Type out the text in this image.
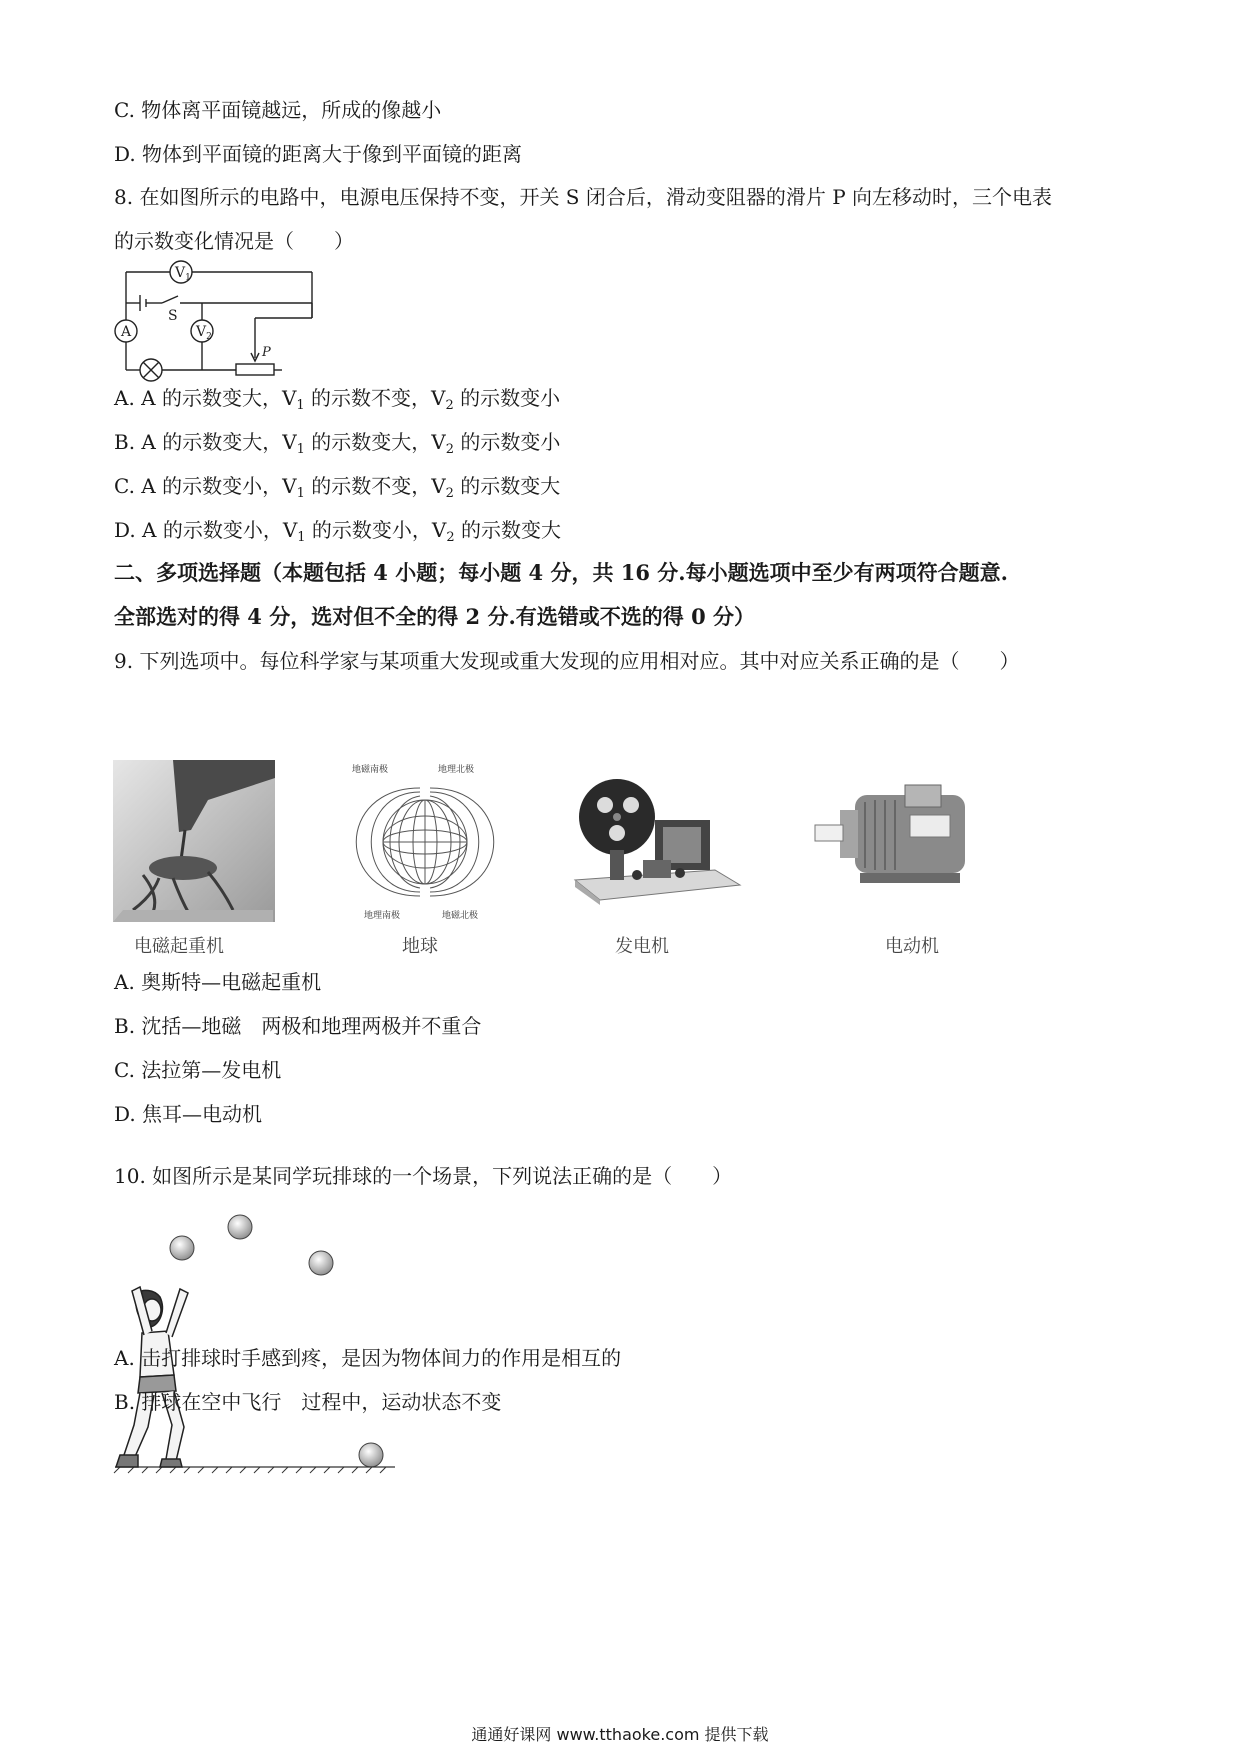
C. 物体离平面镜越远，所成的像越小
D. 物体到平面镜的距离大于像到平面镜的距离
8. 在如图所示的电路中，电源电压保持不变，开关 S 闭合后，滑动变阻器的滑片 P 向左移动时，三个电表
的示数变化情况是（　　）
$V_1$
A	$V_2$
S
P
A. A 的示数变大，$V_1$ 的示数不变，$V_2$ 的示数变小
B. A 的示数变大，$V_1$ 的示数变大，$V_2$ 的示数变小
C. A 的示数变小，$V_1$ 的示数不变，$V_2$ 的示数变大
D. A 的示数变小，$V_1$ 的示数变小，$V_2$ 的示数变大
二、多项选择题（本题包括 4 小题；每小题 4 分，共 16 分.每小题选项中至少有两项符合题意.
全部选对的得 4 分，选对但不全的得 2 分.有选错或不选的得 0 分）
9. 下列选项中。每位科学家与某项重大发现或重大发现的应用相对应。其中对应关系正确的是（　　）
电磁起重机
地磁南极	地理北极
地理南极	地磁北极
地球	发电机	电动机
A. 奥斯特—电磁起重机
B. 沈括—地磁　两极和地理两极并不重合
C. 法拉第—发电机
D. 焦耳—电动机
10. 如图所示是某同学玩排球的一个场景，下列说法正确的是（　　）
A. 击打排球时手感到疼，是因为物体间力的作用是相互的
B. 排球在空中飞行　过程中，运动状态不变
通通好课网 www.tthaoke.com 提供下载
